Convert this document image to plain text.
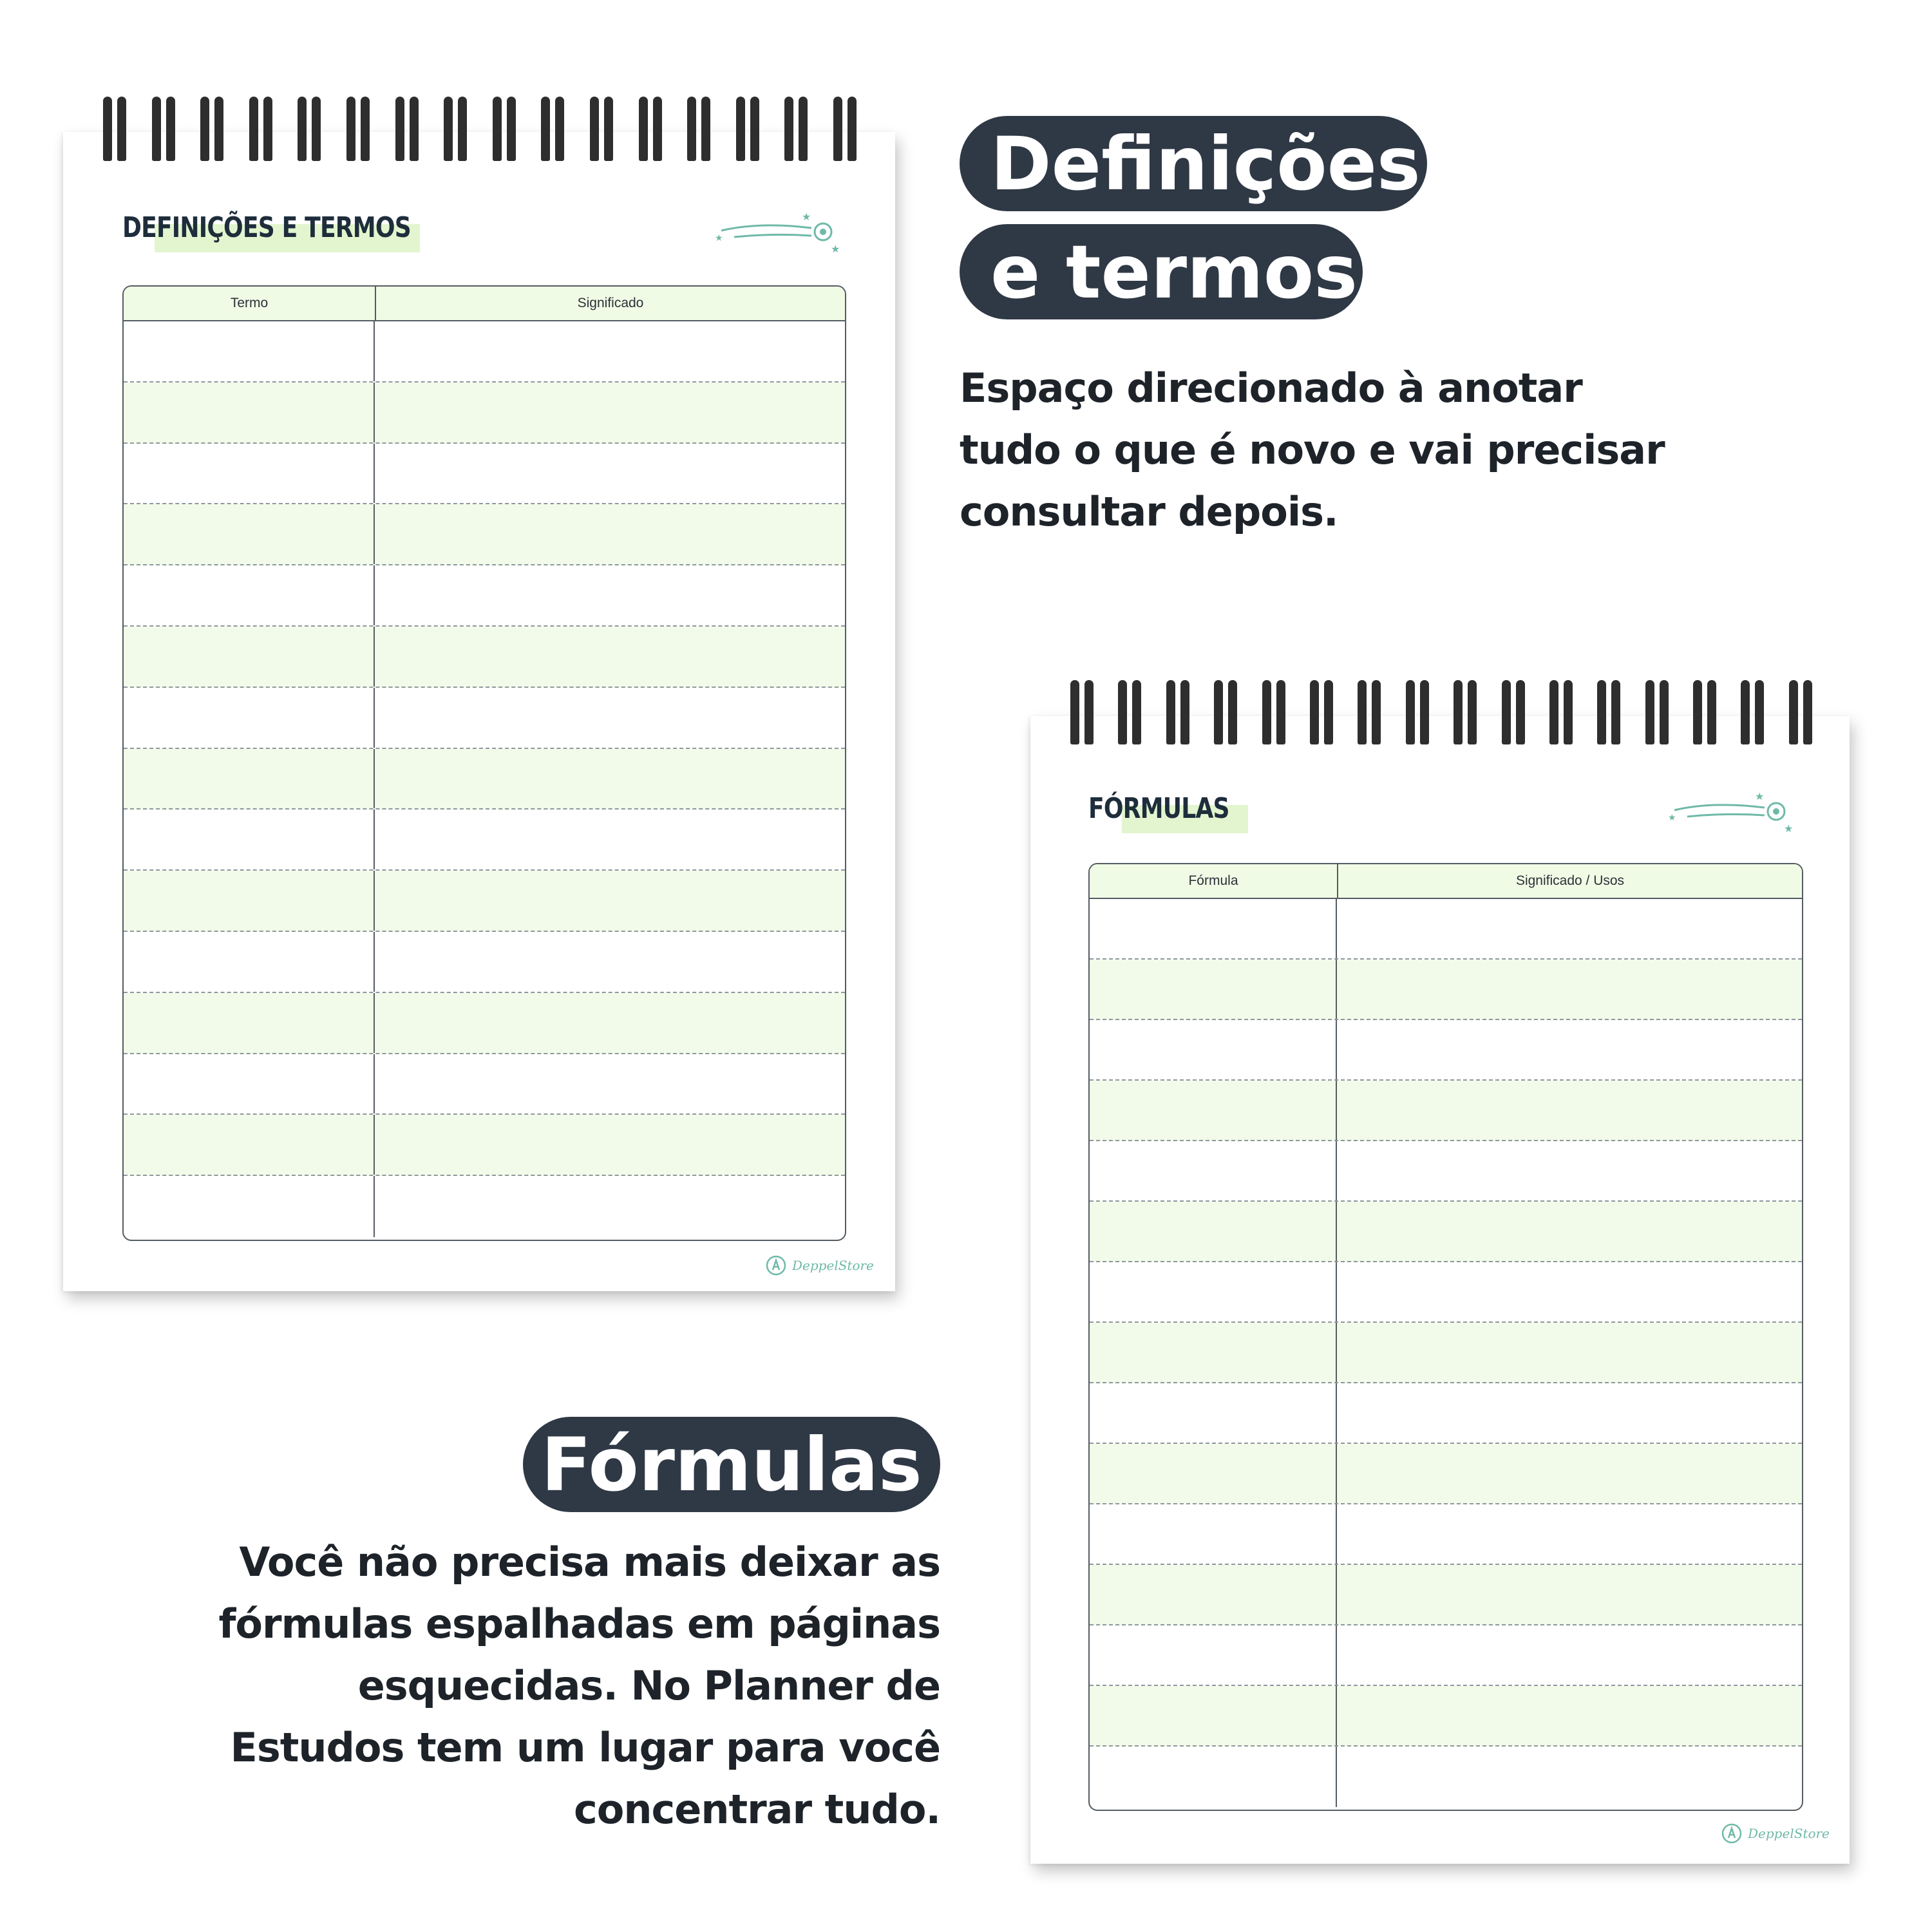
DEFINIÇÕES E TERMOS	★
★
★
Termo	Significado
DeppelStore
FÓRMULAS	★
★
★
Fórmula	Significado / Usos
DeppelStore
Definições
e termos
Espaço direcionado à anotar
tudo o que é novo e vai precisar
consultar depois.
Fórmulas
Você não precisa mais deixar as
fórmulas espalhadas em páginas
esquecidas. No Planner de
Estudos tem um lugar para você
concentrar tudo.
